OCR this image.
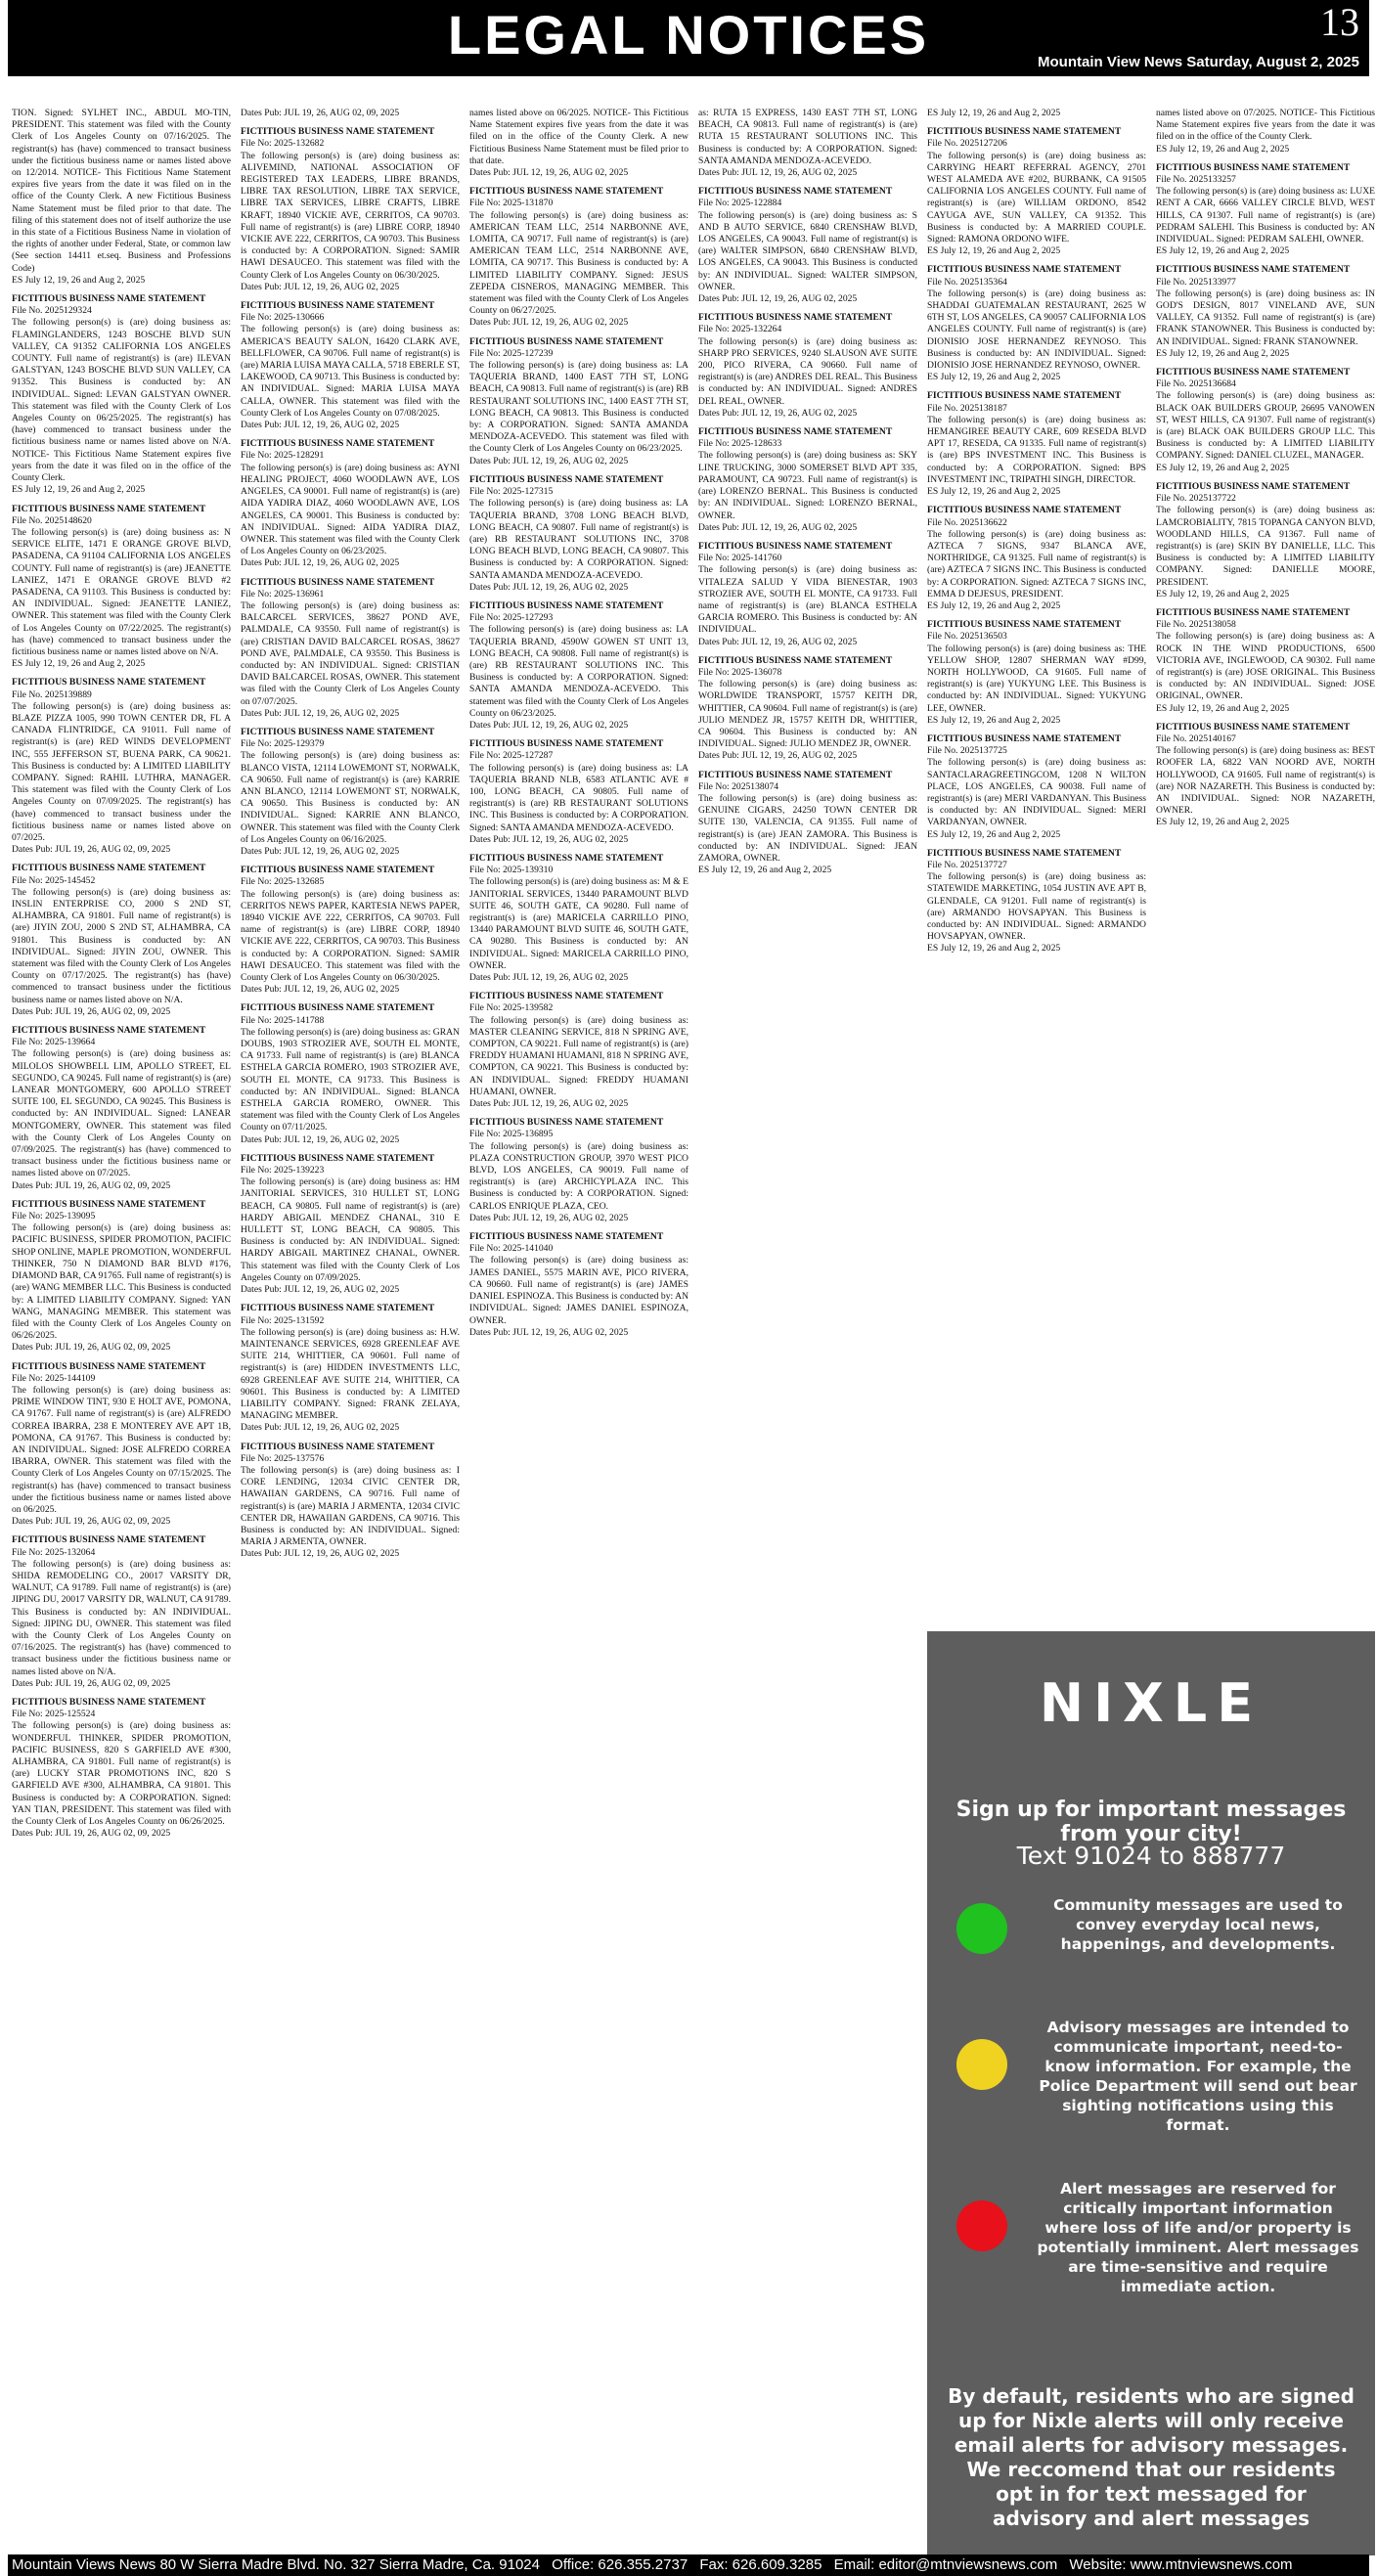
LEGAL NOTICES	13
Mountain View News Saturday, August 2, 2025
TION. Signed: SYLHET INC., ABDUL MO-TIN, PRESIDENT. This statement was filed with the County Clerk of Los Angeles County on 07/16/2025. The registrant(s) has (have) commenced to transact business under the fictitious business name or names listed above on 12/2014. NOTICE- This Fictitious Name Statement expires five years from the date it was filed on in the office of the County Clerk. A new Fictitious Business Name Statement must be filed prior to that date. The filing of this statement does not of itself authorize the use in this state of a Fictitious Business Name in violation of the rights of another under Federal, State, or common law (See section 14411 et.seq. Business and Professions Code)
ES July 12, 19, 26 and Aug 2, 2025
FICTITIOUS BUSINESS NAME STATEMENT
File No. 2025129324
The following person(s) is (are) doing business as: FLAMINGLANDERS, 1243 BOSCHE BLVD SUN VALLEY, CA 91352 CALIFORNIA LOS ANGELES COUNTY. Full name of registrant(s) is (are) ILEVAN GALSTYAN, 1243 BOSCHE BLVD SUN VALLEY, CA 91352. This Business is conducted by: AN INDIVIDUAL. Signed: LEVAN GALSTYAN OWNER. This statement was filed with the County Clerk of Los Angeles County on 06/25/2025. The registrant(s) has (have) commenced to transact business under the fictitious business name or names listed above on N/A. NOTICE- This Fictitious Name Statement expires five years from the date it was filed on in the office of the County Clerk.
ES July 12, 19, 26 and Aug 2, 2025
FICTITIOUS BUSINESS NAME STATEMENT
File No. 2025148620
The following person(s) is (are) doing business as: N SERVICE ELITE, 1471 E ORANGE GROVE BLVD, PASADENA, CA 91104 CALIFORNIA LOS ANGELES COUNTY. Full name of registrant(s) is (are) JEANETTE LANIEZ, 1471 E ORANGE GROVE BLVD #2 PASADENA, CA 91103. This Business is conducted by: AN INDIVIDUAL. Signed: JEANETTE LANIEZ, OWNER. This statement was filed with the County Clerk of Los Angeles County on 07/22/2025. The registrant(s) has (have) commenced to transact business under the fictitious business name or names listed above on N/A.
ES July 12, 19, 26 and Aug 2, 2025
FICTITIOUS BUSINESS NAME STATEMENT
File No. 2025139889
The following person(s) is (are) doing business as: BLAZE PIZZA 1005, 990 TOWN CENTER DR, FL A CANADA FLINTRIDGE, CA 91011. Full name of registrant(s) is (are) RED WINDS DEVELOPMENT INC, 555 JEFFERSON ST, BUENA PARK, CA 90621. This Business is conducted by: A LIMITED LIABILITY COMPANY. Signed: RAHIL LUTHRA, MANAGER. This statement was filed with the County Clerk of Los Angeles County on 07/09/2025. The registrant(s) has (have) commenced to transact business under the fictitious business name or names listed above on 07/2025.
Dates Pub: JUL 19, 26, AUG 02, 09, 2025
FICTITIOUS BUSINESS NAME STATEMENT
File No: 2025-145452
The following person(s) is (are) doing business as: INSLIN ENTERPRISE CO, 2000 S 2ND ST, ALHAMBRA, CA 91801. Full name of registrant(s) is (are) JIYIN ZOU, 2000 S 2ND ST, ALHAMBRA, CA 91801. This Business is conducted by: AN INDIVIDUAL. Signed: JIYIN ZOU, OWNER. This statement was filed with the County Clerk of Los Angeles County on 07/17/2025. The registrant(s) has (have) commenced to transact business under the fictitious business name or names listed above on N/A.
Dates Pub: JUL 19, 26, AUG 02, 09, 2025
FICTITIOUS BUSINESS NAME STATEMENT
File No: 2025-139664
The following person(s) is (are) doing business as: MILOLOS SHOWBELL LIM, APOLLO STREET, EL SEGUNDO, CA 90245. Full name of registrant(s) is (are) LANEAR MONTGOMERY, 600 APOLLO STREET SUITE 100, EL SEGUNDO, CA 90245. This Business is conducted by: AN INDIVIDUAL. Signed: LANEAR MONTGOMERY, OWNER. This statement was filed with the County Clerk of Los Angeles County on 07/09/2025. The registrant(s) has (have) commenced to transact business under the fictitious business name or names listed above on 07/2025.
Dates Pub: JUL 19, 26, AUG 02, 09, 2025
FICTITIOUS BUSINESS NAME STATEMENT
File No: 2025-139095
The following person(s) is (are) doing business as: PACIFIC BUSINESS, SPIDER PROMOTION, PACIFIC SHOP ONLINE, MAPLE PROMOTION, WONDERFUL THINKER, 750 N DIAMOND BAR BLVD #176, DIAMOND BAR, CA 91765. Full name of registrant(s) is (are) WANG MEMBER LLC. This Business is conducted by: A LIMITED LIABILITY COMPANY. Signed: YAN WANG, MANAGING MEMBER. This statement was filed with the County Clerk of Los Angeles County on 06/26/2025.
Dates Pub: JUL 19, 26, AUG 02, 09, 2025
FICTITIOUS BUSINESS NAME STATEMENT
File No: 2025-144109
The following person(s) is (are) doing business as: PRIME WINDOW TINT, 930 E HOLT AVE, POMONA, CA 91767. Full name of registrant(s) is (are) ALFREDO CORREA IBARRA, 238 E MONTEREY AVE APT 1B, POMONA, CA 91767. This Business is conducted by: AN INDIVIDUAL. Signed: JOSE ALFREDO CORREA IBARRA, OWNER. This statement was filed with the County Clerk of Los Angeles County on 07/15/2025. The registrant(s) has (have) commenced to transact business under the fictitious business name or names listed above on 06/2025.
Dates Pub: JUL 19, 26, AUG 02, 09, 2025
FICTITIOUS BUSINESS NAME STATEMENT
File No: 2025-132064
The following person(s) is (are) doing business as: SHIDA REMODELING CO., 20017 VARSITY DR, WALNUT, CA 91789. Full name of registrant(s) is (are) JIPING DU, 20017 VARSITY DR, WALNUT, CA 91789. This Business is conducted by: AN INDIVIDUAL. Signed: JIPING DU, OWNER. This statement was filed with the County Clerk of Los Angeles County on 07/16/2025. The registrant(s) has (have) commenced to transact business under the fictitious business name or names listed above on N/A.
Dates Pub: JUL 19, 26, AUG 02, 09, 2025
FICTITIOUS BUSINESS NAME STATEMENT
File No: 2025-125524
The following person(s) is (are) doing business as: WONDERFUL THINKER, SPIDER PROMOTION, PACIFIC BUSINESS, 820 S GARFIELD AVE #300, ALHAMBRA, CA 91801. Full name of registrant(s) is (are) LUCKY STAR PROMOTIONS INC, 820 S GARFIELD AVE #300, ALHAMBRA, CA 91801. This Business is conducted by: A CORPORATION. Signed: YAN TIAN, PRESIDENT. This statement was filed with the County Clerk of Los Angeles County on 06/26/2025.
Dates Pub: JUL 19, 26, AUG 02, 09, 2025
Dates Pub: JUL 19, 26, AUG 02, 09, 2025
FICTITIOUS BUSINESS NAME STATEMENT
File No: 2025-132682
The following person(s) is (are) doing business as: ALIVEMIND, NATIONAL ASSOCIATION OF REGISTERED TAX LEADERS, LIBRE BRANDS, LIBRE TAX RESOLUTION, LIBRE TAX SERVICE, LIBRE TAX SERVICES, LIBRE CRAFTS, LIBRE KRAFT, 18940 VICKIE AVE, CERRITOS, CA 90703. Full name of registrant(s) is (are) LIBRE CORP, 18940 VICKIE AVE 222, CERRITOS, CA 90703. This Business is conducted by: A CORPORATION. Signed: SAMIR HAWI DESAUCEO. This statement was filed with the County Clerk of Los Angeles County on 06/30/2025.
Dates Pub: JUL 12, 19, 26, AUG 02, 2025
FICTITIOUS BUSINESS NAME STATEMENT
File No: 2025-130666
The following person(s) is (are) doing business as: AMERICA'S BEAUTY SALON, 16420 CLARK AVE, BELLFLOWER, CA 90706. Full name of registrant(s) is (are) MARIA LUISA MAYA CALLA, 5718 EBERLE ST, LAKEWOOD, CA 90713. This Business is conducted by: AN INDIVIDUAL. Signed: MARIA LUISA MAYA CALLA, OWNER. This statement was filed with the County Clerk of Los Angeles County on 07/08/2025.
Dates Pub: JUL 12, 19, 26, AUG 02, 2025
FICTITIOUS BUSINESS NAME STATEMENT
File No: 2025-128291
The following person(s) is (are) doing business as: AYNI HEALING PROJECT, 4060 WOODLAWN AVE, LOS ANGELES, CA 90001. Full name of registrant(s) is (are) AIDA YADIRA DIAZ, 4060 WOODLAWN AVE, LOS ANGELES, CA 90001. This Business is conducted by: AN INDIVIDUAL. Signed: AIDA YADIRA DIAZ, OWNER. This statement was filed with the County Clerk of Los Angeles County on 06/23/2025.
Dates Pub: JUL 12, 19, 26, AUG 02, 2025
FICTITIOUS BUSINESS NAME STATEMENT
File No: 2025-136961
The following person(s) is (are) doing business as: BALCARCEL SERVICES, 38627 POND AVE, PALMDALE, CA 93550. Full name of registrant(s) is (are) CRISTIAN DAVID BALCARCEL ROSAS, 38627 POND AVE, PALMDALE, CA 93550. This Business is conducted by: AN INDIVIDUAL. Signed: CRISTIAN DAVID BALCARCEL ROSAS, OWNER. This statement was filed with the County Clerk of Los Angeles County on 07/07/2025.
Dates Pub: JUL 12, 19, 26, AUG 02, 2025
FICTITIOUS BUSINESS NAME STATEMENT
File No: 2025-129379
The following person(s) is (are) doing business as: BLANCO VISTA, 12114 LOWEMONT ST, NORWALK, CA 90650. Full name of registrant(s) is (are) KARRIE ANN BLANCO, 12114 LOWEMONT ST, NORWALK, CA 90650. This Business is conducted by: AN INDIVIDUAL. Signed: KARRIE ANN BLANCO, OWNER. This statement was filed with the County Clerk of Los Angeles County on 06/16/2025.
Dates Pub: JUL 12, 19, 26, AUG 02, 2025
FICTITIOUS BUSINESS NAME STATEMENT
File No: 2025-132685
The following person(s) is (are) doing business as: CERRITOS NEWS PAPER, KARTESIA NEWS PAPER, 18940 VICKIE AVE 222, CERRITOS, CA 90703. Full name of registrant(s) is (are) LIBRE CORP, 18940 VICKIE AVE 222, CERRITOS, CA 90703. This Business is conducted by: A CORPORATION. Signed: SAMIR HAWI DESAUCEO. This statement was filed with the County Clerk of Los Angeles County on 06/30/2025.
Dates Pub: JUL 12, 19, 26, AUG 02, 2025
FICTITIOUS BUSINESS NAME STATEMENT
File No: 2025-141788
The following person(s) is (are) doing business as: GRAN DOUBS, 1903 STROZIER AVE, SOUTH EL MONTE, CA 91733. Full name of registrant(s) is (are) BLANCA ESTHELA GARCIA ROMERO, 1903 STROZIER AVE, SOUTH EL MONTE, CA 91733. This Business is conducted by: AN INDIVIDUAL. Signed: BLANCA ESTHELA GARCIA ROMERO, OWNER. This statement was filed with the County Clerk of Los Angeles County on 07/11/2025.
Dates Pub: JUL 12, 19, 26, AUG 02, 2025
FICTITIOUS BUSINESS NAME STATEMENT
File No: 2025-139223
The following person(s) is (are) doing business as: HM JANITORIAL SERVICES, 310 HULLET ST, LONG BEACH, CA 90805. Full name of registrant(s) is (are) HARDY ABIGAIL MENDEZ CHANAL, 310 E HULLETT ST, LONG BEACH, CA 90805. This Business is conducted by: AN INDIVIDUAL. Signed: HARDY ABIGAIL MARTINEZ CHANAL, OWNER. This statement was filed with the County Clerk of Los Angeles County on 07/09/2025.
Dates Pub: JUL 12, 19, 26, AUG 02, 2025
FICTITIOUS BUSINESS NAME STATEMENT
File No: 2025-131592
The following person(s) is (are) doing business as: H.W. MAINTENANCE SERVICES, 6928 GREENLEAF AVE SUITE 214, WHITTIER, CA 90601. Full name of registrant(s) is (are) HIDDEN INVESTMENTS LLC, 6928 GREENLEAF AVE SUITE 214, WHITTIER, CA 90601. This Business is conducted by: A LIMITED LIABILITY COMPANY. Signed: FRANK ZELAYA, MANAGING MEMBER.
Dates Pub: JUL 12, 19, 26, AUG 02, 2025
FICTITIOUS BUSINESS NAME STATEMENT
File No: 2025-137576
The following person(s) is (are) doing business as: I CORE LENDING, 12034 CIVIC CENTER DR, HAWAIIAN GARDENS, CA 90716. Full name of registrant(s) is (are) MARIA J ARMENTA, 12034 CIVIC CENTER DR, HAWAIIAN GARDENS, CA 90716. This Business is conducted by: AN INDIVIDUAL. Signed: MARIA J ARMENTA, OWNER.
Dates Pub: JUL 12, 19, 26, AUG 02, 2025
names listed above on 06/2025. NOTICE- This Fictitious Name Statement expires five years from the date it was filed on in the office of the County Clerk. A new Fictitious Business Name Statement must be filed prior to that date.
Dates Pub: JUL 12, 19, 26, AUG 02, 2025
FICTITIOUS BUSINESS NAME STATEMENT
File No: 2025-131870
The following person(s) is (are) doing business as: AMERICAN TEAM LLC, 2514 NARBONNE AVE, LOMITA, CA 90717. Full name of registrant(s) is (are) AMERICAN TEAM LLC, 2514 NARBONNE AVE, LOMITA, CA 90717. This Business is conducted by: A LIMITED LIABILITY COMPANY. Signed: JESUS ZEPEDA CISNEROS, MANAGING MEMBER. This statement was filed with the County Clerk of Los Angeles County on 06/27/2025.
Dates Pub: JUL 12, 19, 26, AUG 02, 2025
FICTITIOUS BUSINESS NAME STATEMENT
File No: 2025-127239
The following person(s) is (are) doing business as: LA TAQUERIA BRAND, 1400 EAST 7TH ST, LONG BEACH, CA 90813. Full name of registrant(s) is (are) RB RESTAURANT SOLUTIONS INC, 1400 EAST 7TH ST, LONG BEACH, CA 90813. This Business is conducted by: A CORPORATION. Signed: SANTA AMANDA MENDOZA-ACEVEDO. This statement was filed with the County Clerk of Los Angeles County on 06/23/2025.
Dates Pub: JUL 12, 19, 26, AUG 02, 2025
FICTITIOUS BUSINESS NAME STATEMENT
File No: 2025-127315
The following person(s) is (are) doing business as: LA TAQUERIA BRAND, 3708 LONG BEACH BLVD, LONG BEACH, CA 90807. Full name of registrant(s) is (are) RB RESTAURANT SOLUTIONS INC, 3708 LONG BEACH BLVD, LONG BEACH, CA 90807. This Business is conducted by: A CORPORATION. Signed: SANTA AMANDA MENDOZA-ACEVEDO.
Dates Pub: JUL 12, 19, 26, AUG 02, 2025
FICTITIOUS BUSINESS NAME STATEMENT
File No: 2025-127293
The following person(s) is (are) doing business as: LA TAQUERIA BRAND, 4590W GOWEN ST UNIT 13, LONG BEACH, CA 90808. Full name of registrant(s) is (are) RB RESTAURANT SOLUTIONS INC. This Business is conducted by: A CORPORATION. Signed: SANTA AMANDA MENDOZA-ACEVEDO. This statement was filed with the County Clerk of Los Angeles County on 06/23/2025.
Dates Pub: JUL 12, 19, 26, AUG 02, 2025
FICTITIOUS BUSINESS NAME STATEMENT
File No: 2025-127287
The following person(s) is (are) doing business as: LA TAQUERIA BRAND NLB, 6583 ATLANTIC AVE # 100, LONG BEACH, CA 90805. Full name of registrant(s) is (are) RB RESTAURANT SOLUTIONS INC. This Business is conducted by: A CORPORATION. Signed: SANTA AMANDA MENDOZA-ACEVEDO.
Dates Pub: JUL 12, 19, 26, AUG 02, 2025
FICTITIOUS BUSINESS NAME STATEMENT
File No: 2025-139310
The following person(s) is (are) doing business as: M & E JANITORIAL SERVICES, 13440 PARAMOUNT BLVD SUITE 46, SOUTH GATE, CA 90280. Full name of registrant(s) is (are) MARICELA CARRILLO PINO, 13440 PARAMOUNT BLVD SUITE 46, SOUTH GATE, CA 90280. This Business is conducted by: AN INDIVIDUAL. Signed: MARICELA CARRILLO PINO, OWNER.
Dates Pub: JUL 12, 19, 26, AUG 02, 2025
FICTITIOUS BUSINESS NAME STATEMENT
File No: 2025-139582
The following person(s) is (are) doing business as: MASTER CLEANING SERVICE, 818 N SPRING AVE, COMPTON, CA 90221. Full name of registrant(s) is (are) FREDDY HUAMANI HUAMANI, 818 N SPRING AVE, COMPTON, CA 90221. This Business is conducted by: AN INDIVIDUAL. Signed: FREDDY HUAMANI HUAMANI, OWNER.
Dates Pub: JUL 12, 19, 26, AUG 02, 2025
FICTITIOUS BUSINESS NAME STATEMENT
File No: 2025-136895
The following person(s) is (are) doing business as: PLAZA CONSTRUCTION GROUP, 3970 WEST PICO BLVD, LOS ANGELES, CA 90019. Full name of registrant(s) is (are) ARCHICYPLAZA INC. This Business is conducted by: A CORPORATION. Signed: CARLOS ENRIQUE PLAZA, CEO.
Dates Pub: JUL 12, 19, 26, AUG 02, 2025
FICTITIOUS BUSINESS NAME STATEMENT
File No: 2025-141040
The following person(s) is (are) doing business as: JAMES DANIEL, 5575 MARIN AVE, PICO RIVERA, CA 90660. Full name of registrant(s) is (are) JAMES DANIEL ESPINOZA. This Business is conducted by: AN INDIVIDUAL. Signed: JAMES DANIEL ESPINOZA, OWNER.
Dates Pub: JUL 12, 19, 26, AUG 02, 2025
as: RUTA 15 EXPRESS, 1430 EAST 7TH ST, LONG BEACH, CA 90813. Full name of registrant(s) is (are) RUTA 15 RESTAURANT SOLUTIONS INC. This Business is conducted by: A CORPORATION. Signed: SANTA AMANDA MENDOZA-ACEVEDO.
Dates Pub: JUL 12, 19, 26, AUG 02, 2025
FICTITIOUS BUSINESS NAME STATEMENT
File No: 2025-122884
The following person(s) is (are) doing business as: S AND B AUTO SERVICE, 6840 CRENSHAW BLVD, LOS ANGELES, CA 90043. Full name of registrant(s) is (are) WALTER SIMPSON, 6840 CRENSHAW BLVD, LOS ANGELES, CA 90043. This Business is conducted by: AN INDIVIDUAL. Signed: WALTER SIMPSON, OWNER.
Dates Pub: JUL 12, 19, 26, AUG 02, 2025
FICTITIOUS BUSINESS NAME STATEMENT
File No: 2025-132264
The following person(s) is (are) doing business as: SHARP PRO SERVICES, 9240 SLAUSON AVE SUITE 200, PICO RIVERA, CA 90660. Full name of registrant(s) is (are) ANDRES DEL REAL. This Business is conducted by: AN INDIVIDUAL. Signed: ANDRES DEL REAL, OWNER.
Dates Pub: JUL 12, 19, 26, AUG 02, 2025
FICTITIOUS BUSINESS NAME STATEMENT
File No: 2025-128633
The following person(s) is (are) doing business as: SKY LINE TRUCKING, 3000 SOMERSET BLVD APT 335, PARAMOUNT, CA 90723. Full name of registrant(s) is (are) LORENZO BERNAL. This Business is conducted by: AN INDIVIDUAL. Signed: LORENZO BERNAL, OWNER.
Dates Pub: JUL 12, 19, 26, AUG 02, 2025
FICTITIOUS BUSINESS NAME STATEMENT
File No: 2025-141760
The following person(s) is (are) doing business as: VITALEZA SALUD Y VIDA BIENESTAR, 1903 STROZIER AVE, SOUTH EL MONTE, CA 91733. Full name of registrant(s) is (are) BLANCA ESTHELA GARCIA ROMERO. This Business is conducted by: AN INDIVIDUAL.
Dates Pub: JUL 12, 19, 26, AUG 02, 2025
FICTITIOUS BUSINESS NAME STATEMENT
File No: 2025-136078
The following person(s) is (are) doing business as: WORLDWIDE TRANSPORT, 15757 KEITH DR, WHITTIER, CA 90604. Full name of registrant(s) is (are) JULIO MENDEZ JR, 15757 KEITH DR, WHITTIER, CA 90604. This Business is conducted by: AN INDIVIDUAL. Signed: JULIO MENDEZ JR, OWNER.
Dates Pub: JUL 12, 19, 26, AUG 02, 2025
FICTITIOUS BUSINESS NAME STATEMENT
File No: 2025138074
The following person(s) is (are) doing business as: GENUINE CIGARS, 24250 TOWN CENTER DR SUITE 130, VALENCIA, CA 91355. Full name of registrant(s) is (are) JEAN ZAMORA. This Business is conducted by: AN INDIVIDUAL. Signed: JEAN ZAMORA, OWNER.
ES July 12, 19, 26 and Aug 2, 2025
ES July 12, 19, 26 and Aug 2, 2025
FICTITIOUS BUSINESS NAME STATEMENT
File No. 2025127206
The following person(s) is (are) doing business as: CARRYING HEART REFERRAL AGENCY, 2701 WEST ALAMEDA AVE #202, BURBANK, CA 91505 CALIFORNIA LOS ANGELES COUNTY. Full name of registrant(s) is (are) WILLIAM ORDONO, 8542 CAYUGA AVE, SUN VALLEY, CA 91352. This Business is conducted by: A MARRIED COUPLE. Signed: RAMONA ORDONO WIFE.
ES July 12, 19, 26 and Aug 2, 2025
FICTITIOUS BUSINESS NAME STATEMENT
File No. 2025135364
The following person(s) is (are) doing business as: SHADDAI GUATEMALAN RESTAURANT, 2625 W 6TH ST, LOS ANGELES, CA 90057 CALIFORNIA LOS ANGELES COUNTY. Full name of registrant(s) is (are) DIONISIO JOSE HERNANDEZ REYNOSO. This Business is conducted by: AN INDIVIDUAL. Signed: DIONISIO JOSE HERNANDEZ REYNOSO, OWNER.
ES July 12, 19, 26 and Aug 2, 2025
FICTITIOUS BUSINESS NAME STATEMENT
File No. 2025138187
The following person(s) is (are) doing business as: HEMANGIREE BEAUTY CARE, 609 RESEDA BLVD APT 17, RESEDA, CA 91335. Full name of registrant(s) is (are) BPS INVESTMENT INC. This Business is conducted by: A CORPORATION. Signed: BPS INVESTMENT INC, TRIPATHI SINGH, DIRECTOR.
ES July 12, 19, 26 and Aug 2, 2025
FICTITIOUS BUSINESS NAME STATEMENT
File No. 2025136622
The following person(s) is (are) doing business as: AZTECA 7 SIGNS, 9347 BLANCA AVE, NORTHRIDGE, CA 91325. Full name of registrant(s) is (are) AZTECA 7 SIGNS INC. This Business is conducted by: A CORPORATION. Signed: AZTECA 7 SIGNS INC, EMMA D DEJESUS, PRESIDENT.
ES July 12, 19, 26 and Aug 2, 2025
FICTITIOUS BUSINESS NAME STATEMENT
File No. 2025136503
The following person(s) is (are) doing business as: THE YELLOW SHOP, 12807 SHERMAN WAY #D99, NORTH HOLLYWOOD, CA 91605. Full name of registrant(s) is (are) YUKYUNG LEE. This Business is conducted by: AN INDIVIDUAL. Signed: YUKYUNG LEE, OWNER.
ES July 12, 19, 26 and Aug 2, 2025
FICTITIOUS BUSINESS NAME STATEMENT
File No. 2025137725
The following person(s) is (are) doing business as: SANTACLARAGREETINGCOM, 1208 N WILTON PLACE, LOS ANGELES, CA 90038. Full name of registrant(s) is (are) MERI VARDANYAN. This Business is conducted by: AN INDIVIDUAL. Signed: MERI VARDANYAN, OWNER.
ES July 12, 19, 26 and Aug 2, 2025
FICTITIOUS BUSINESS NAME STATEMENT
File No. 2025137727
The following person(s) is (are) doing business as: STATEWIDE MARKETING, 1054 JUSTIN AVE APT B, GLENDALE, CA 91201. Full name of registrant(s) is (are) ARMANDO HOVSAPYAN. This Business is conducted by: AN INDIVIDUAL. Signed: ARMANDO HOVSAPYAN, OWNER.
ES July 12, 19, 26 and Aug 2, 2025
names listed above on 07/2025. NOTICE- This Fictitious Name Statement expires five years from the date it was filed on in the office of the County Clerk.
ES July 12, 19, 26 and Aug 2, 2025
FICTITIOUS BUSINESS NAME STATEMENT
File No. 2025133257
The following person(s) is (are) doing business as: LUXE RENT A CAR, 6666 VALLEY CIRCLE BLVD, WEST HILLS, CA 91307. Full name of registrant(s) is (are) PEDRAM SALEHI. This Business is conducted by: AN INDIVIDUAL. Signed: PEDRAM SALEHI, OWNER.
ES July 12, 19, 26 and Aug 2, 2025
FICTITIOUS BUSINESS NAME STATEMENT
File No. 2025133977
The following person(s) is (are) doing business as: IN GOD'S DESIGN, 8017 VINELAND AVE, SUN VALLEY, CA 91352. Full name of registrant(s) is (are) FRANK STANOWNER. This Business is conducted by: AN INDIVIDUAL. Signed: FRANK STANOWNER.
ES July 12, 19, 26 and Aug 2, 2025
FICTITIOUS BUSINESS NAME STATEMENT
File No. 2025136684
The following person(s) is (are) doing business as: BLACK OAK BUILDERS GROUP, 26695 VANOWEN ST, WEST HILLS, CA 91307. Full name of registrant(s) is (are) BLACK OAK BUILDERS GROUP LLC. This Business is conducted by: A LIMITED LIABILITY COMPANY. Signed: DANIEL CLUZEL, MANAGER.
ES July 12, 19, 26 and Aug 2, 2025
FICTITIOUS BUSINESS NAME STATEMENT
File No. 2025137722
The following person(s) is (are) doing business as: LAMCROBIALITY, 7815 TOPANGA CANYON BLVD, WOODLAND HILLS, CA 91367. Full name of registrant(s) is (are) SKIN BY DANIELLE, LLC. This Business is conducted by: A LIMITED LIABILITY COMPANY. Signed: DANIELLE MOORE, PRESIDENT.
ES July 12, 19, 26 and Aug 2, 2025
FICTITIOUS BUSINESS NAME STATEMENT
File No. 2025138058
The following person(s) is (are) doing business as: A ROCK IN THE WIND PRODUCTIONS, 6500 VICTORIA AVE, INGLEWOOD, CA 90302. Full name of registrant(s) is (are) JOSE ORIGINAL. This Business is conducted by: AN INDIVIDUAL. Signed: JOSE ORIGINAL, OWNER.
ES July 12, 19, 26 and Aug 2, 2025
FICTITIOUS BUSINESS NAME STATEMENT
File No. 2025140167
The following person(s) is (are) doing business as: BEST ROOFER LA, 6822 VAN NOORD AVE, NORTH HOLLYWOOD, CA 91605. Full name of registrant(s) is (are) NOR NAZARETH. This Business is conducted by: AN INDIVIDUAL. Signed: NOR NAZARETH, OWNER.
ES July 12, 19, 26 and Aug 2, 2025
NIXLE
Sign up for important messages from your city!
Text 91024 to 888777
Community messages are used to convey everyday local news, happenings, and developments.
Advisory messages are intended to communicate important, need-to-know information. For example, the Police Department will send out bear sighting notifications using this format.
Alert messages are reserved for critically important information where loss of life and/or property is potentially imminent. Alert messages are time-sensitive and require immediate action.
By default, residents who are signed up for Nixle alerts will only receive email alerts for advisory messages. We reccomend that our residents opt in for text messaged for advisory and alert messages
Mountain Views News 80 W Sierra Madre Blvd. No. 327 Sierra Madre, Ca. 91024 Office: 626.355.2737 Fax: 626.609.3285 Email: editor@mtnviewsnews.com Website: www.mtnviewsnews.com
